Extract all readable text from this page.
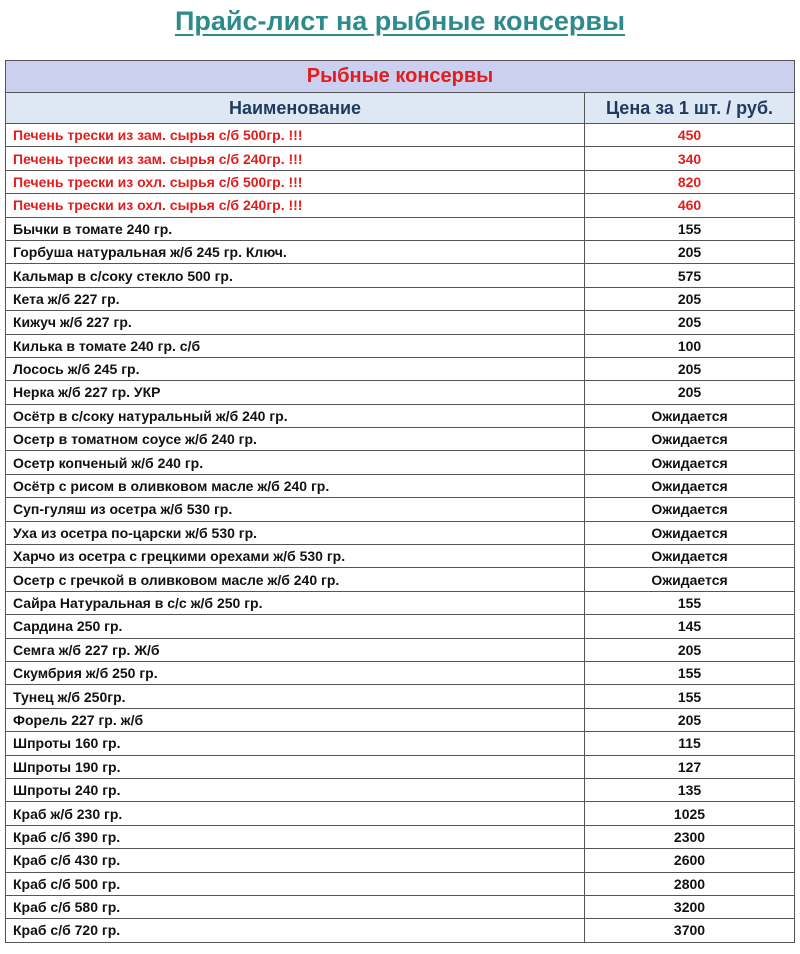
Прайс-лист на рыбные консервы
Рыбные консервы	
Наименование	Цена за 1 шт. / руб.
Печень трески из зам. сырья с/б 500гр. !!!	450
Печень трески из зам. сырья с/б 240гр. !!!	340
Печень трески из охл. сырья с/б 500гр. !!!	820
Печень трески из охл. сырья с/б 240гр. !!!	460
Бычки в томате 240 гр.	155
Горбуша натуральная ж/б 245 гр. Ключ.	205
Кальмар в с/соку стекло 500 гр.	575
Кета ж/б 227 гр.	205
Кижуч ж/б 227 гр.	205
Килька в томате 240 гр. с/б	100
Лосось ж/б 245 гр.	205
Нерка ж/б 227 гр. УКР	205
Осётр в с/соку натуральный ж/б 240 гр.	Ожидается
Осетр в томатном соусе ж/б 240 гр.	Ожидается
Осетр копченый ж/б 240 гр.	Ожидается
Осётр с рисом в оливковом масле ж/б 240 гр.	Ожидается
Суп-гуляш из осетра ж/б 530 гр.	Ожидается
Уха из осетра по-царски ж/б 530 гр.	Ожидается
Харчо из осетра с грецкими орехами ж/б 530 гр.	Ожидается
Осетр с гречкой в оливковом масле ж/б 240 гр.	Ожидается
Сайра Натуральная в с/с ж/б 250 гр.	155
Сардина 250 гр.	145
Семга ж/б 227 гр. Ж/б	205
Скумбрия ж/б 250 гр.	155
Тунец ж/б 250гр.	155
Форель 227 гр. ж/б	205
Шпроты 160 гр.	115
Шпроты 190 гр.	127
Шпроты 240 гр.	135
Краб ж/б 230 гр.	1025
Краб с/б 390 гр.	2300
Краб с/б 430 гр.	2600
Краб с/б 500 гр.	2800
Краб с/б 580 гр.	3200
Краб с/б 720 гр.	3700
